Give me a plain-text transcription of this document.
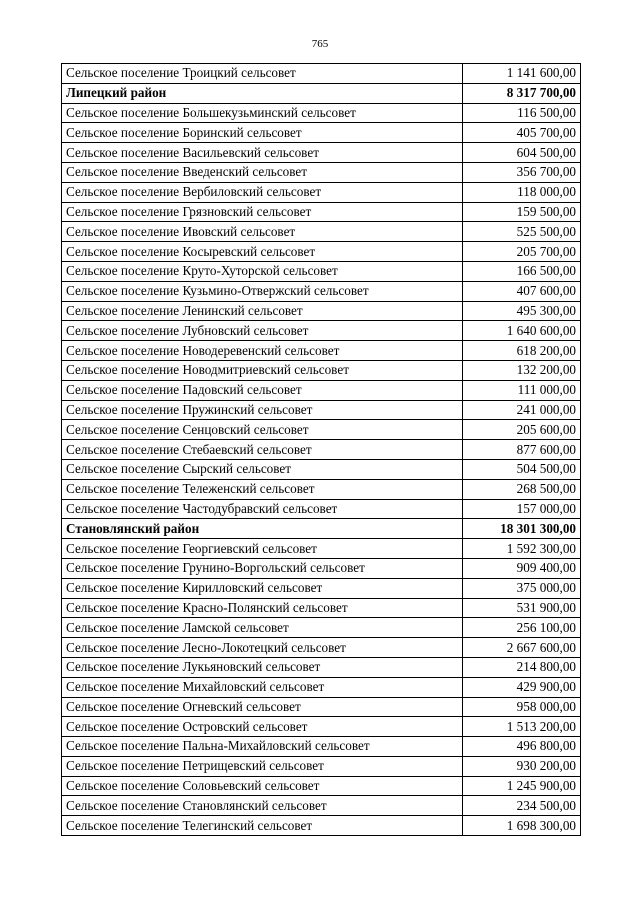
765
Сельское поселение Троицкий сельсовет	1 141 600,00
Липецкий район	8 317 700,00
Сельское поселение Большекузьминский сельсовет	116 500,00
Сельское поселение Боринский сельсовет	405 700,00
Сельское поселение Васильевский сельсовет	604 500,00
Сельское поселение Введенский сельсовет	356 700,00
Сельское поселение Вербиловский сельсовет	118 000,00
Сельское поселение Грязновский сельсовет	159 500,00
Сельское поселение Ивовский сельсовет	525 500,00
Сельское поселение Косыревский сельсовет	205 700,00
Сельское поселение Круто-Хуторской сельсовет	166 500,00
Сельское поселение Кузьмино-Отвержский сельсовет	407 600,00
Сельское поселение Ленинский сельсовет	495 300,00
Сельское поселение Лубновский сельсовет	1 640 600,00
Сельское поселение Новодеревенский сельсовет	618 200,00
Сельское поселение Новодмитриевский сельсовет	132 200,00
Сельское поселение Падовский сельсовет	111 000,00
Сельское поселение Пружинский сельсовет	241 000,00
Сельское поселение Сенцовский сельсовет	205 600,00
Сельское поселение Стебаевский сельсовет	877 600,00
Сельское поселение Сырский сельсовет	504 500,00
Сельское поселение Тележенский сельсовет	268 500,00
Сельское поселение Частодубравский сельсовет	157 000,00
Становлянский район	18 301 300,00
Сельское поселение Георгиевский сельсовет	1 592 300,00
Сельское поселение Грунино-Воргольский сельсовет	909 400,00
Сельское поселение Кирилловский сельсовет	375 000,00
Сельское поселение Красно-Полянский сельсовет	531 900,00
Сельское поселение Ламской сельсовет	256 100,00
Сельское поселение Лесно-Локотецкий сельсовет	2 667 600,00
Сельское поселение Лукьяновский сельсовет	214 800,00
Сельское поселение Михайловский сельсовет	429 900,00
Сельское поселение Огневский сельсовет	958 000,00
Сельское поселение Островский сельсовет	1 513 200,00
Сельское поселение Пальна-Михайловский сельсовет	496 800,00
Сельское поселение Петрищевский сельсовет	930 200,00
Сельское поселение Соловьевский сельсовет	1 245 900,00
Сельское поселение Становлянский сельсовет	234 500,00
Сельское поселение Телегинский сельсовет	1 698 300,00
